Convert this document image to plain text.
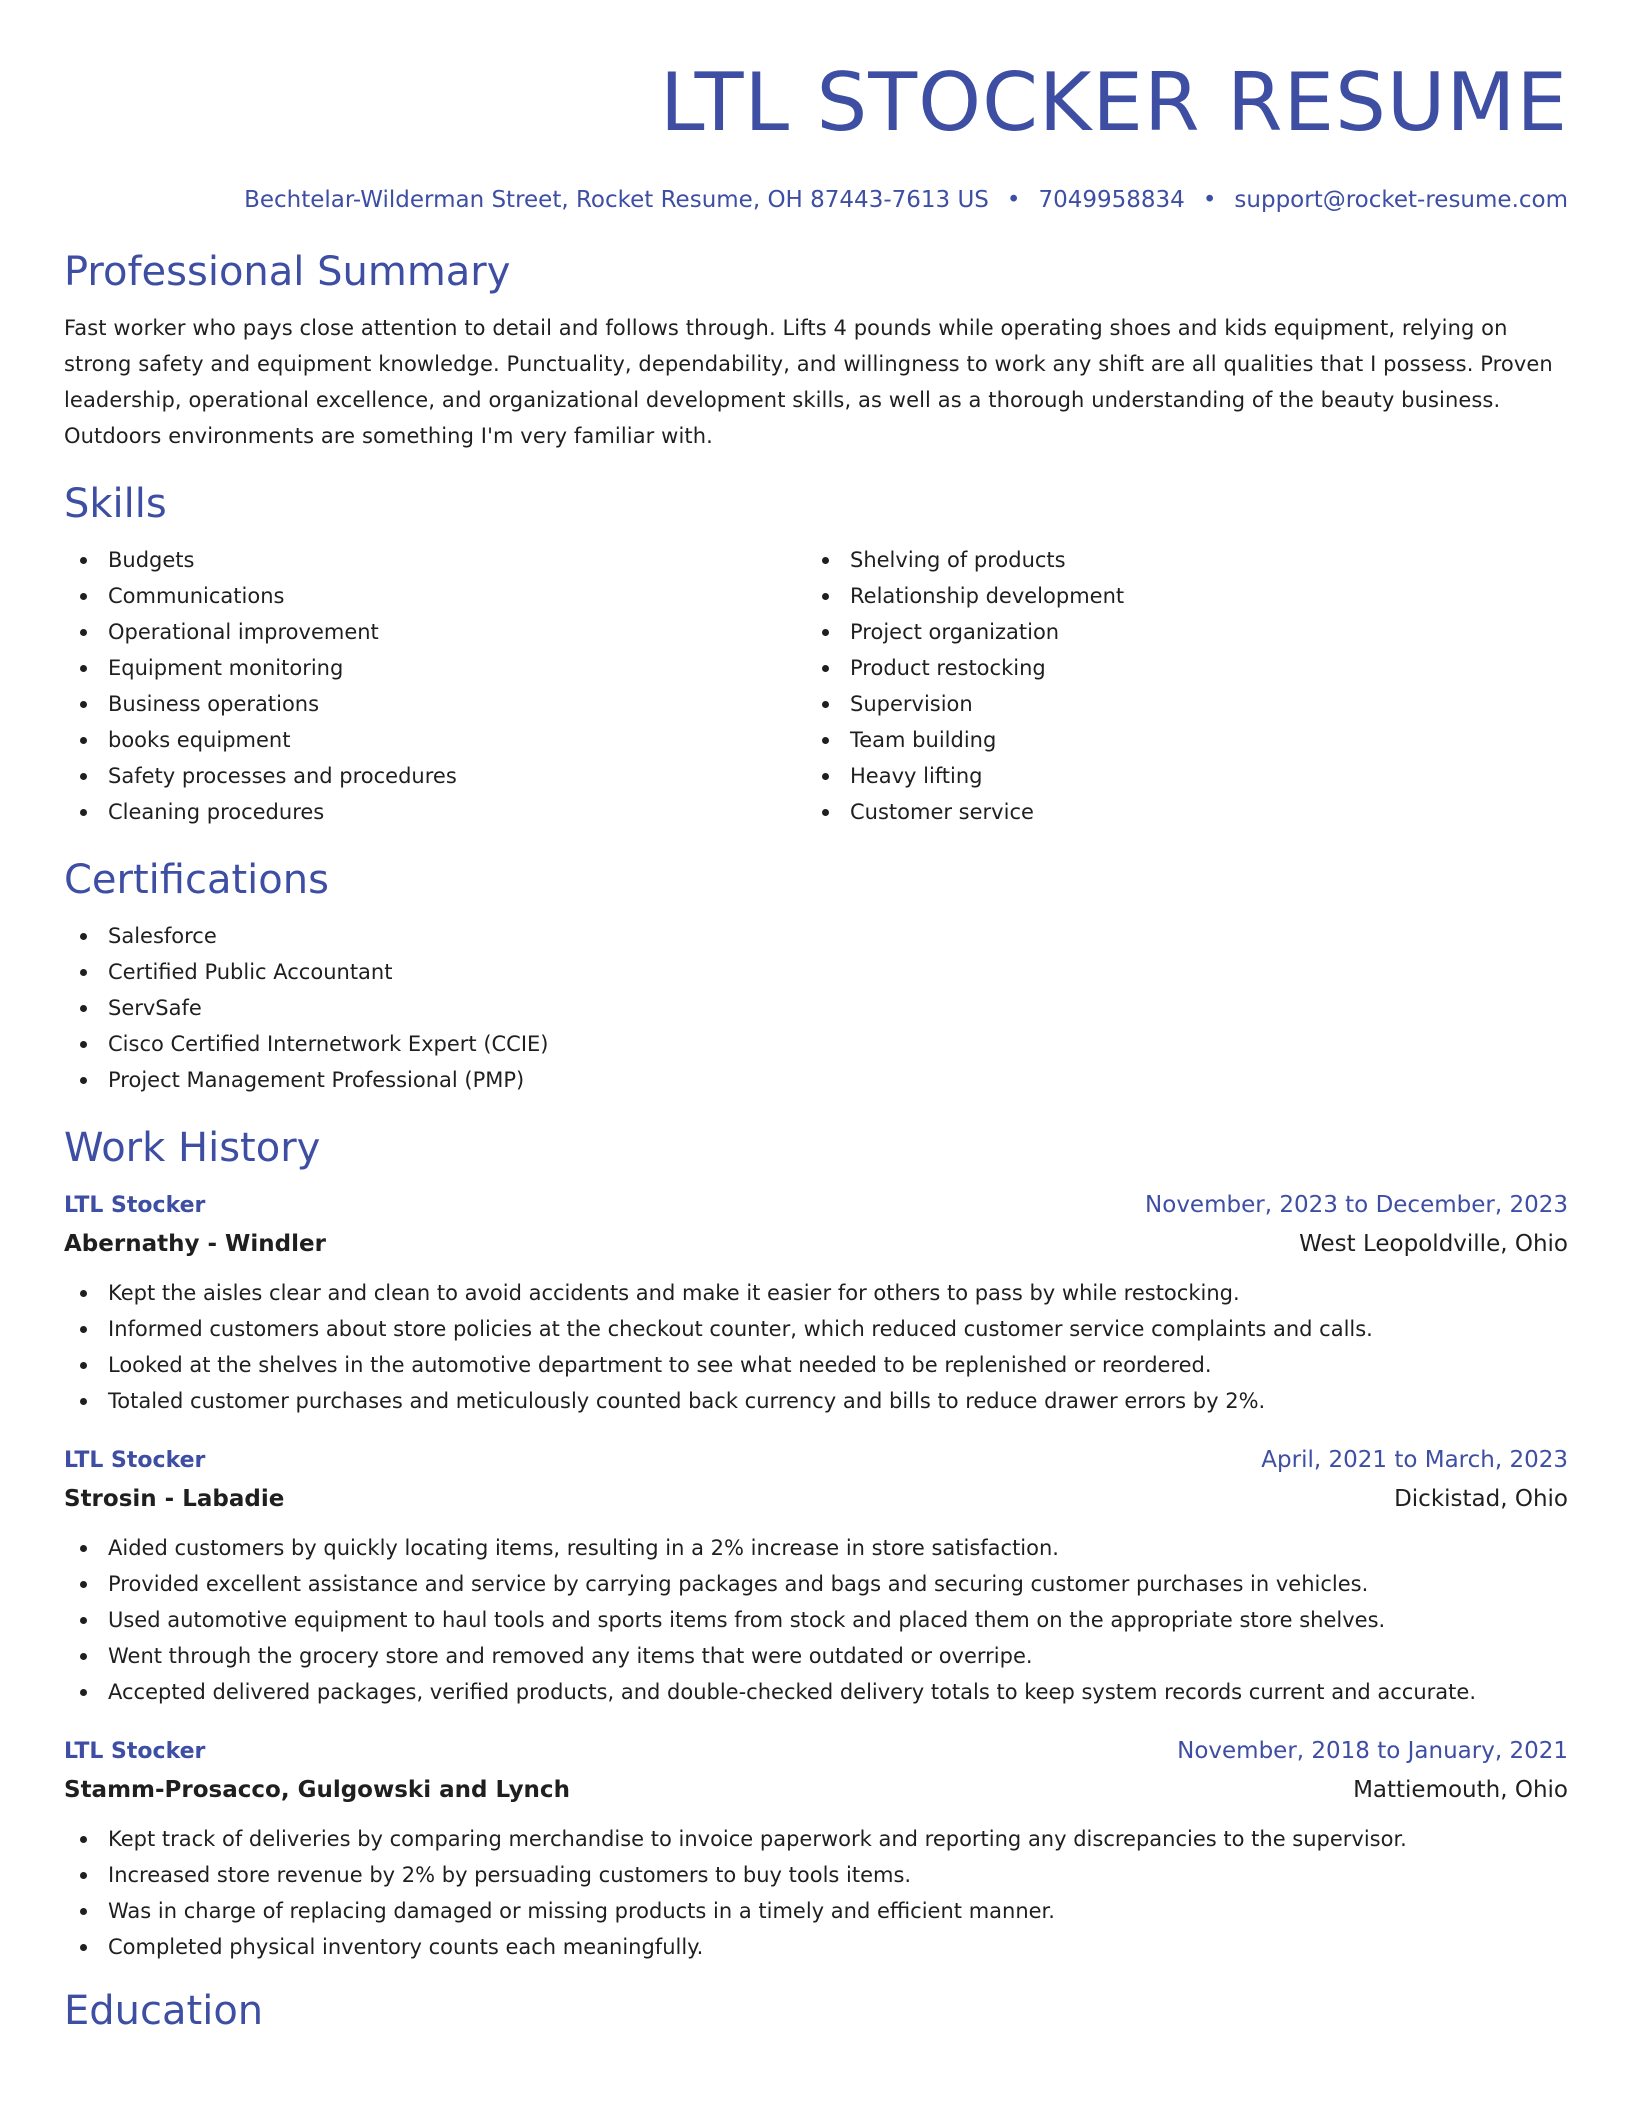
LTL STOCKER RESUME
Bechtelar-Wilderman Street, Rocket Resume, OH 87443-7613 US • 7049958834 • support@rocket-resume.com
Professional Summary

Fast worker who pays close attention to detail and follows through. Lifts 4 pounds while operating shoes and kids equipment, relying on strong safety and equipment knowledge. Punctuality, dependability, and willingness to work any shift are all qualities that I possess. Proven leadership, operational excellence, and organizational development skills, as well as a thorough understanding of the beauty business. Outdoors environments are something I'm very familiar with.

Skills
Budgets
Communications
Operational improvement
Equipment monitoring
Business operations
books equipment
Safety processes and procedures
Cleaning procedures
Shelving of products
Relationship development
Project organization
Product restocking
Supervision
Team building
Heavy lifting
Customer service
Certifications
Salesforce
Certified Public Accountant
ServSafe
Cisco Certified Internetwork Expert (CCIE)
Project Management Professional (PMP)
Work History
LTL Stocker	November, 2023 to December, 2023
Abernathy - Windler	West Leopoldville, Ohio
Kept the aisles clear and clean to avoid accidents and make it easier for others to pass by while restocking.
Informed customers about store policies at the checkout counter, which reduced customer service complaints and calls.
Looked at the shelves in the automotive department to see what needed to be replenished or reordered.
Totaled customer purchases and meticulously counted back currency and bills to reduce drawer errors by 2%.
LTL Stocker	April, 2021 to March, 2023
Strosin - Labadie	Dickistad, Ohio
Aided customers by quickly locating items, resulting in a 2% increase in store satisfaction.
Provided excellent assistance and service by carrying packages and bags and securing customer purchases in vehicles.
Used automotive equipment to haul tools and sports items from stock and placed them on the appropriate store shelves.
Went through the grocery store and removed any items that were outdated or overripe.
Accepted delivered packages, verified products, and double-checked delivery totals to keep system records current and accurate.
LTL Stocker	November, 2018 to January, 2021
Stamm-Prosacco, Gulgowski and Lynch	Mattiemouth, Ohio
Kept track of deliveries by comparing merchandise to invoice paperwork and reporting any discrepancies to the supervisor.
Increased store revenue by 2% by persuading customers to buy tools items.
Was in charge of replacing damaged or missing products in a timely and efficient manner.
Completed physical inventory counts each meaningfully.
Education
